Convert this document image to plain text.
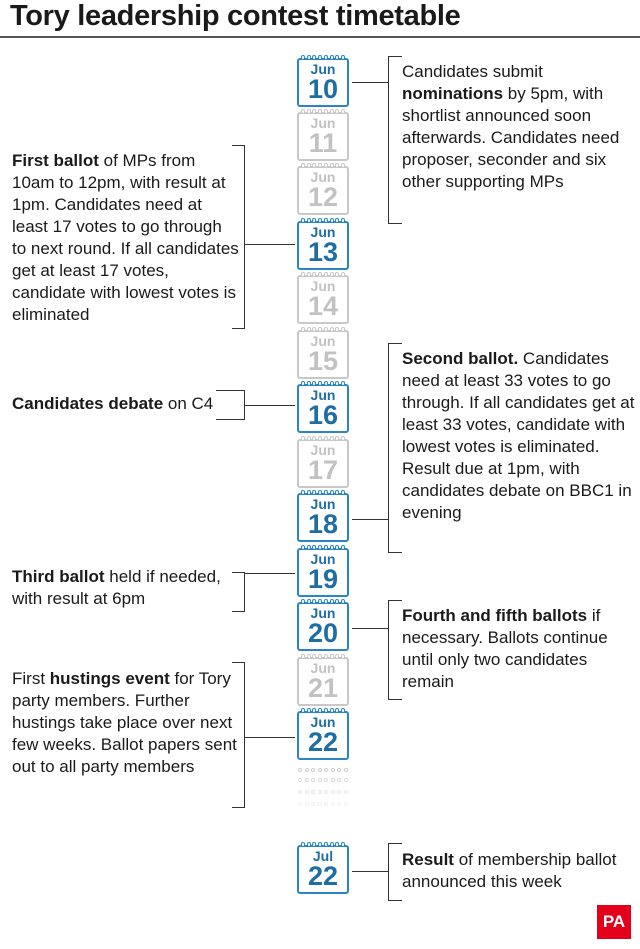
Tory leadership contest timetable
Jun
10
Jun
11
Jun
12
Jun
13
Jun
14
Jun
15
Jun
16
Jun
17
Jun
18
Jun
19
Jun
20
Jun
21
Jun
22
Jul
22
Candidates submit nominations by 5pm, with shortlist announced soon afterwards. Candidates need proposer, seconder and six other supporting MPs
First ballot of MPs from 10am to 12pm, with result at 1pm. Candidates need at least 17 votes to go through to next round. If all candidates get at least 17 votes, candidate with lowest votes is eliminated
Candidates debate on C4
Second ballot. Candidates need at least 33 votes to go through. If all candidates get at least 33 votes, candidate with lowest votes is eliminated. Result due at 1pm, with candidates debate on BBC1 in evening
Third ballot held if needed, with result at 6pm
Fourth and fifth ballots if necessary. Ballots continue until only two candidates remain
First hustings event for Tory party members. Further hustings take place over next few weeks. Ballot papers sent out to all party members
Result of membership ballot announced this week
PA
